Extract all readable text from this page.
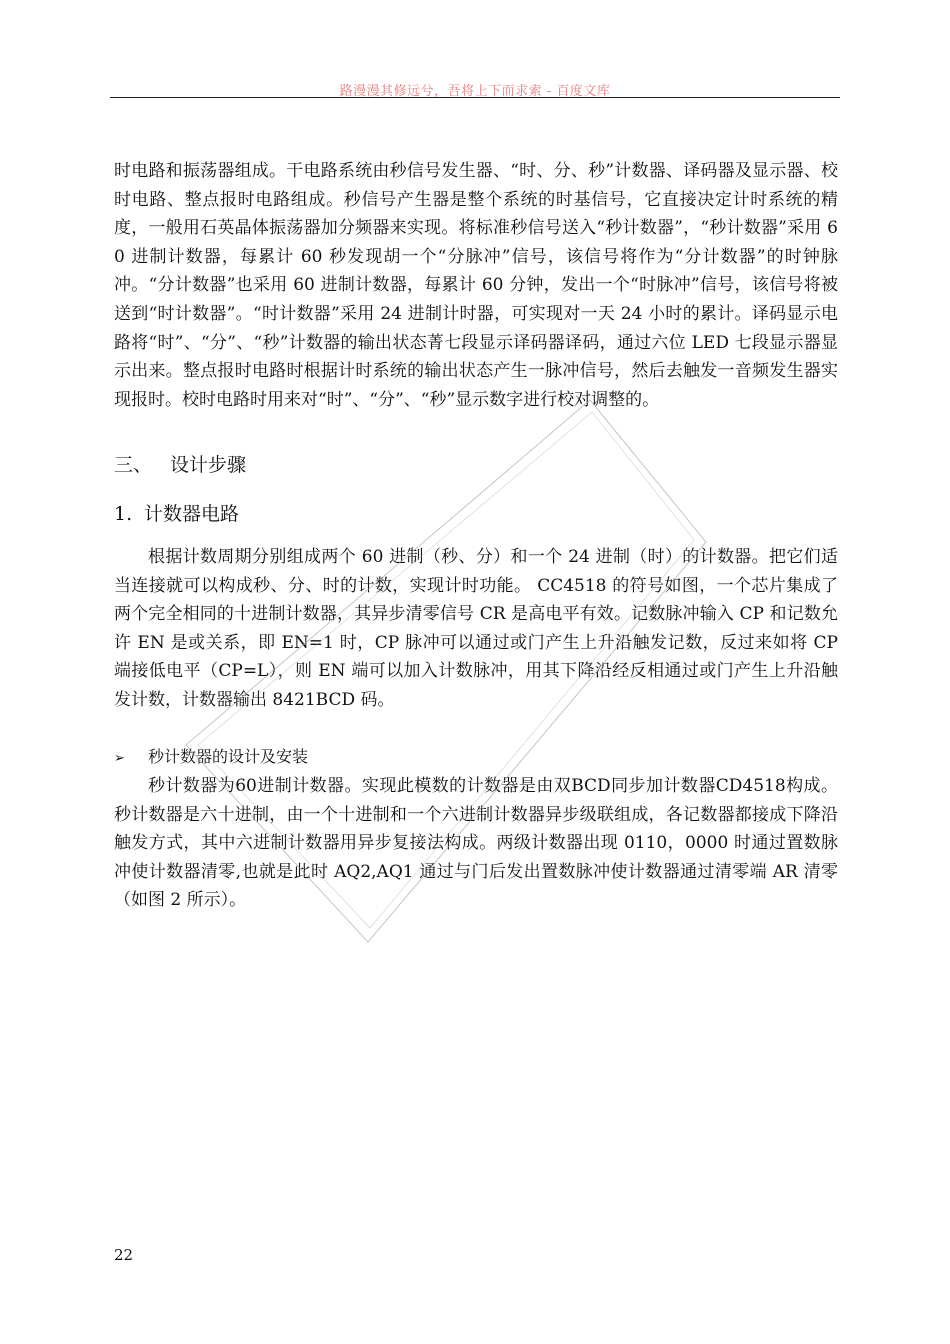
路漫漫其修远兮，吾将上下而求索 - 百度文库
时电路和振荡器组成。干电路系统由秒信号发生器、“时、分、秒”计数器、译码器及显示器、校时电路、整点报时电路组成。秒信号产生器是整个系统的时基信号，它直接决定计时系统的精度，一般用石英晶体振荡器加分频器来实现。将标准秒信号送入“秒计数器”，“秒计数器”采用 60 进制计数器，每累计 60 秒发现胡一个“分脉冲”信号，该信号将作为“分计数器”的时钟脉冲。“分计数器”也采用 60 进制计数器，每累计 60 分钟，发出一个“时脉冲”信号，该信号将被送到“时计数器”。“时计数器”采用 24 进制计时器，可实现对一天 24 小时的累计。译码显示电路将“时”、“分”、“秒”计数器的输出状态菁七段显示译码器译码，通过六位 LED 七段显示器显示出来。整点报时电路时根据计时系统的输出状态产生一脉冲信号，然后去触发一音频发生器实现报时。校时电路时用来对“时”、“分”、“秒”显示数字进行校对调整的。
三、 设计步骤
1. 计数器电路
根据计数周期分别组成两个 60 进制（秒、分）和一个 24 进制（时）的计数器。把它们适当连接就可以构成秒、分、时的计数，实现计时功能。 CC4518 的符号如图，一个芯片集成了两个完全相同的十进制计数器，其异步清零信号 CR 是高电平有效。记数脉冲输入 CP 和记数允许 EN 是或关系，即 EN=1 时，CP 脉冲可以通过或门产生上升沿触发记数，反过来如将 CP 端接低电平（CP=L），则 EN 端可以加入计数脉冲，用其下降沿经反相通过或门产生上升沿触发计数，计数器输出 8421BCD 码。
➢ 秒计数器的设计及安装
秒计数器为60进制计数器。实现此模数的计数器是由双BCD同步加计数器CD4518构成。秒计数器是六十进制，由一个十进制和一个六进制计数器异步级联组成，各记数器都接成下降沿触发方式，其中六进制计数器用异步复接法构成。两级计数器出现 0110，0000 时通过置数脉冲使计数器清零,也就是此时 AQ2,AQ1 通过与门后发出置数脉冲使计数器通过清零端 AR 清零（如图 2 所示）。
22
